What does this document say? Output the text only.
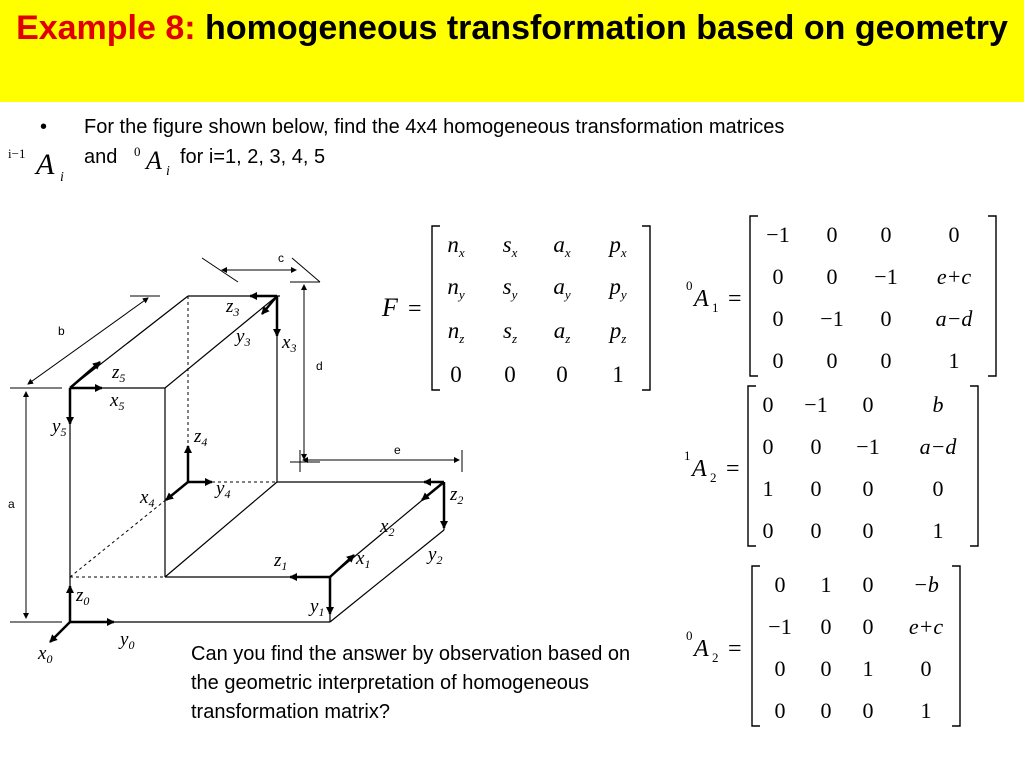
Example 8: homogeneous transformation based on geometry
• For the figure shown below, find the 4x4 homogeneous transformation matrices
i−1 A i
and 0 A i
for i=1, 2, 3, 4, 5
a
b
c
d
e
$z_0$
$x_0$
$y_0$
$z_1$	$x_1$
$y_1$
$z_2$
$x_2$
$y_2$
$z_3$
$y_3$ $x_3$
$z_4$
$y_4$
$x_4$
$z_5$
$x_5$
$y_5$
F =
$n_x$ $s_x$ $a_x$ $p_x$
$n_y$ $s_y$ $a_y$ $p_y$
$n_z$ $s_z$ $a_z$ $p_z$
0 0 0 1
0
A 1 =
−1 0 0	0
0 0 −1 e+c
0 −1 0 a−d
0 0 0	1
1
A 2 =
0 −1 0	b
0 0 −1 a−d
1 0 0	0
0 0 0	1
0
A 2 =
0 1 0 −b
−1 0 0 e+c
0 0 1 0
0 0 0 1
Can you find the answer by observation based on the geometric interpretation of homogeneous transformation matrix?
